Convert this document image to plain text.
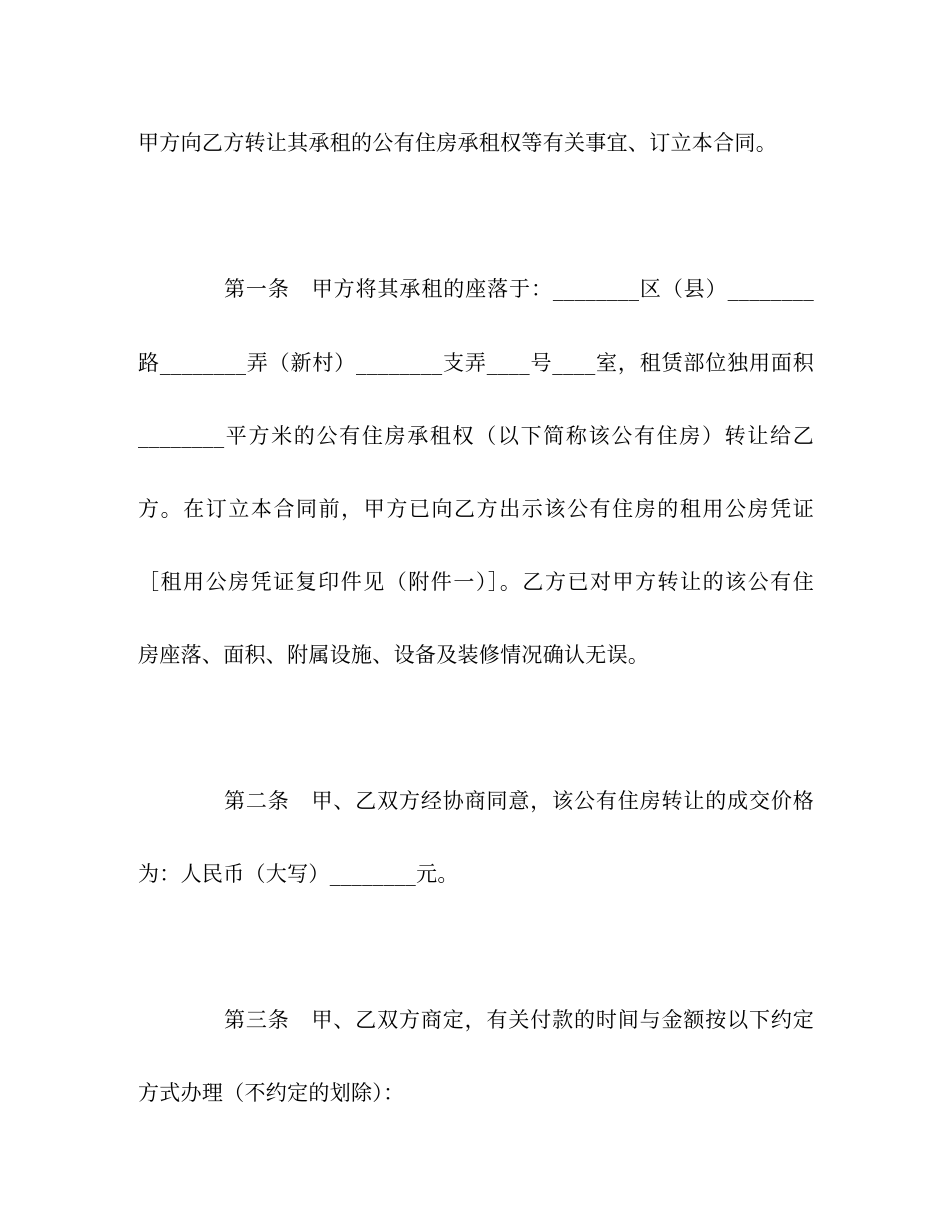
甲方向乙方转让其承租的公有住房承租权等有关事宜、订立本合同。
第一条　甲方将其承租的座落于：________区（县）________
路________弄（新村）________支弄____号____室，租赁部位独用面积
________平方米的公有住房承租权（以下简称该公有住房）转让给乙
方。在订立本合同前，甲方已向乙方出示该公有住房的租用公房凭证
［租用公房凭证复印件见（附件一）］。乙方已对甲方转让的该公有住
房座落、面积、附属设施、设备及装修情况确认无误。
第二条　甲、乙双方经协商同意，该公有住房转让的成交价格
为：人民币（大写）________元。
第三条　甲、乙双方商定，有关付款的时间与金额按以下约定
方式办理（不约定的划除）：
